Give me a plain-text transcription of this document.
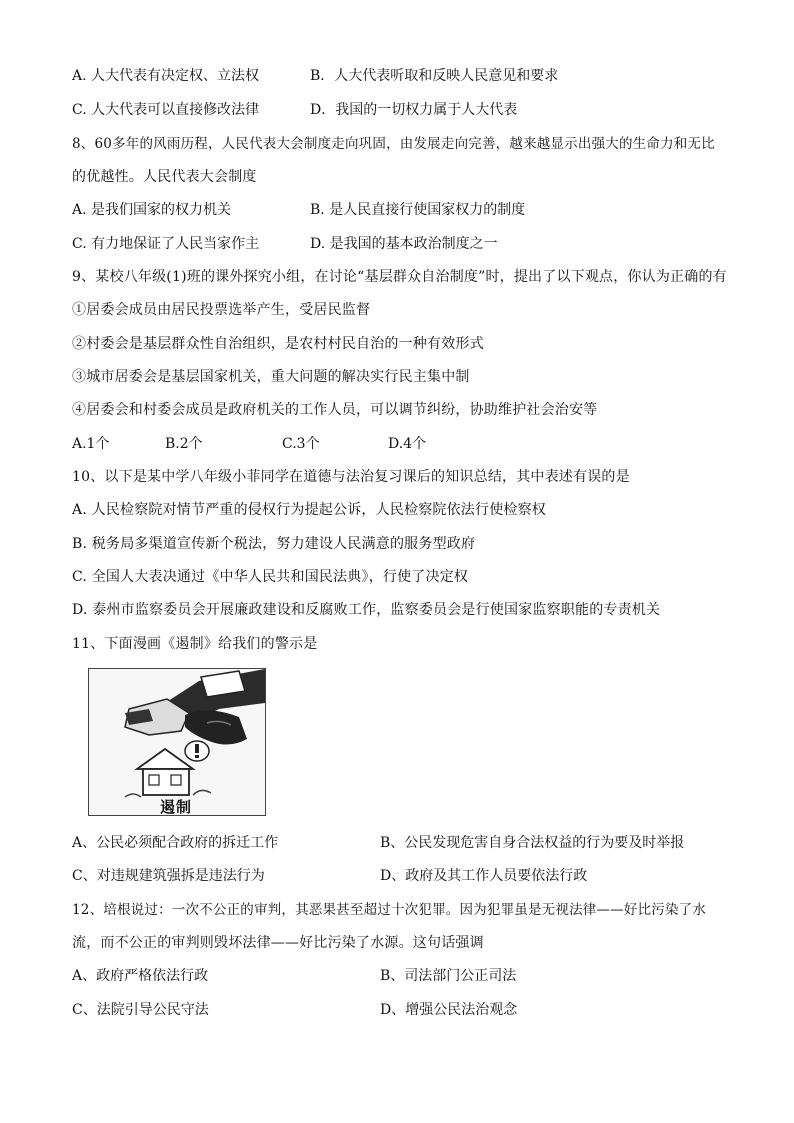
A. 人大代表有决定权、立法权	B．人大代表听取和反映人民意见和要求
C. 人大代表可以直接修改法律	D．我国的一切权力属于人大代表
8、60多年的风雨历程，人民代表大会制度走向巩固，由发展走向完善，越来越显示出强大的生命力和无比
的优越性。人民代表大会制度
A. 是我们国家的权力机关	B. 是人民直接行使国家权力的制度
C. 有力地保证了人民当家作主	D. 是我国的基本政治制度之一
9、某校八年级(1)班的课外探究小组，在讨论“基层群众自治制度”时，提出了以下观点，你认为正确的有
①居委会成员由居民投票选举产生，受居民监督
②村委会是基层群众性自治组织，是农村村民自治的一种有效形式
③城市居委会是基层国家机关，重大问题的解决实行民主集中制
④居委会和村委会成员是政府机关的工作人员，可以调节纠纷，协助维护社会治安等
A.1个	B.2个	C.3个	D.4个
10、以下是某中学八年级小菲同学在道德与法治复习课后的知识总结，其中表述有误的是
A. 人民检察院对情节严重的侵权行为提起公诉，人民检察院依法行使检察权
B. 税务局多渠道宣传新个税法，努力建设人民满意的服务型政府
C. 全国人大表决通过《中华人民共和国民法典》，行使了决定权
D. 泰州市监察委员会开展廉政建设和反腐败工作，监察委员会是行使国家监察职能的专责机关
11、下面漫画《遏制》给我们的警示是
遏制
A、公民必须配合政府的拆迁工作	B、公民发现危害自身合法权益的行为要及时举报
C、对违规建筑强拆是违法行为	D、政府及其工作人员要依法行政
12、培根说过：一次不公正的审判，其恶果甚至超过十次犯罪。因为犯罪虽是无视法律——好比污染了水
流，而不公正的审判则毁坏法律——好比污染了水源。这句话强调
A、政府严格依法行政	B、司法部门公正司法
C、法院引导公民守法	D、增强公民法治观念
